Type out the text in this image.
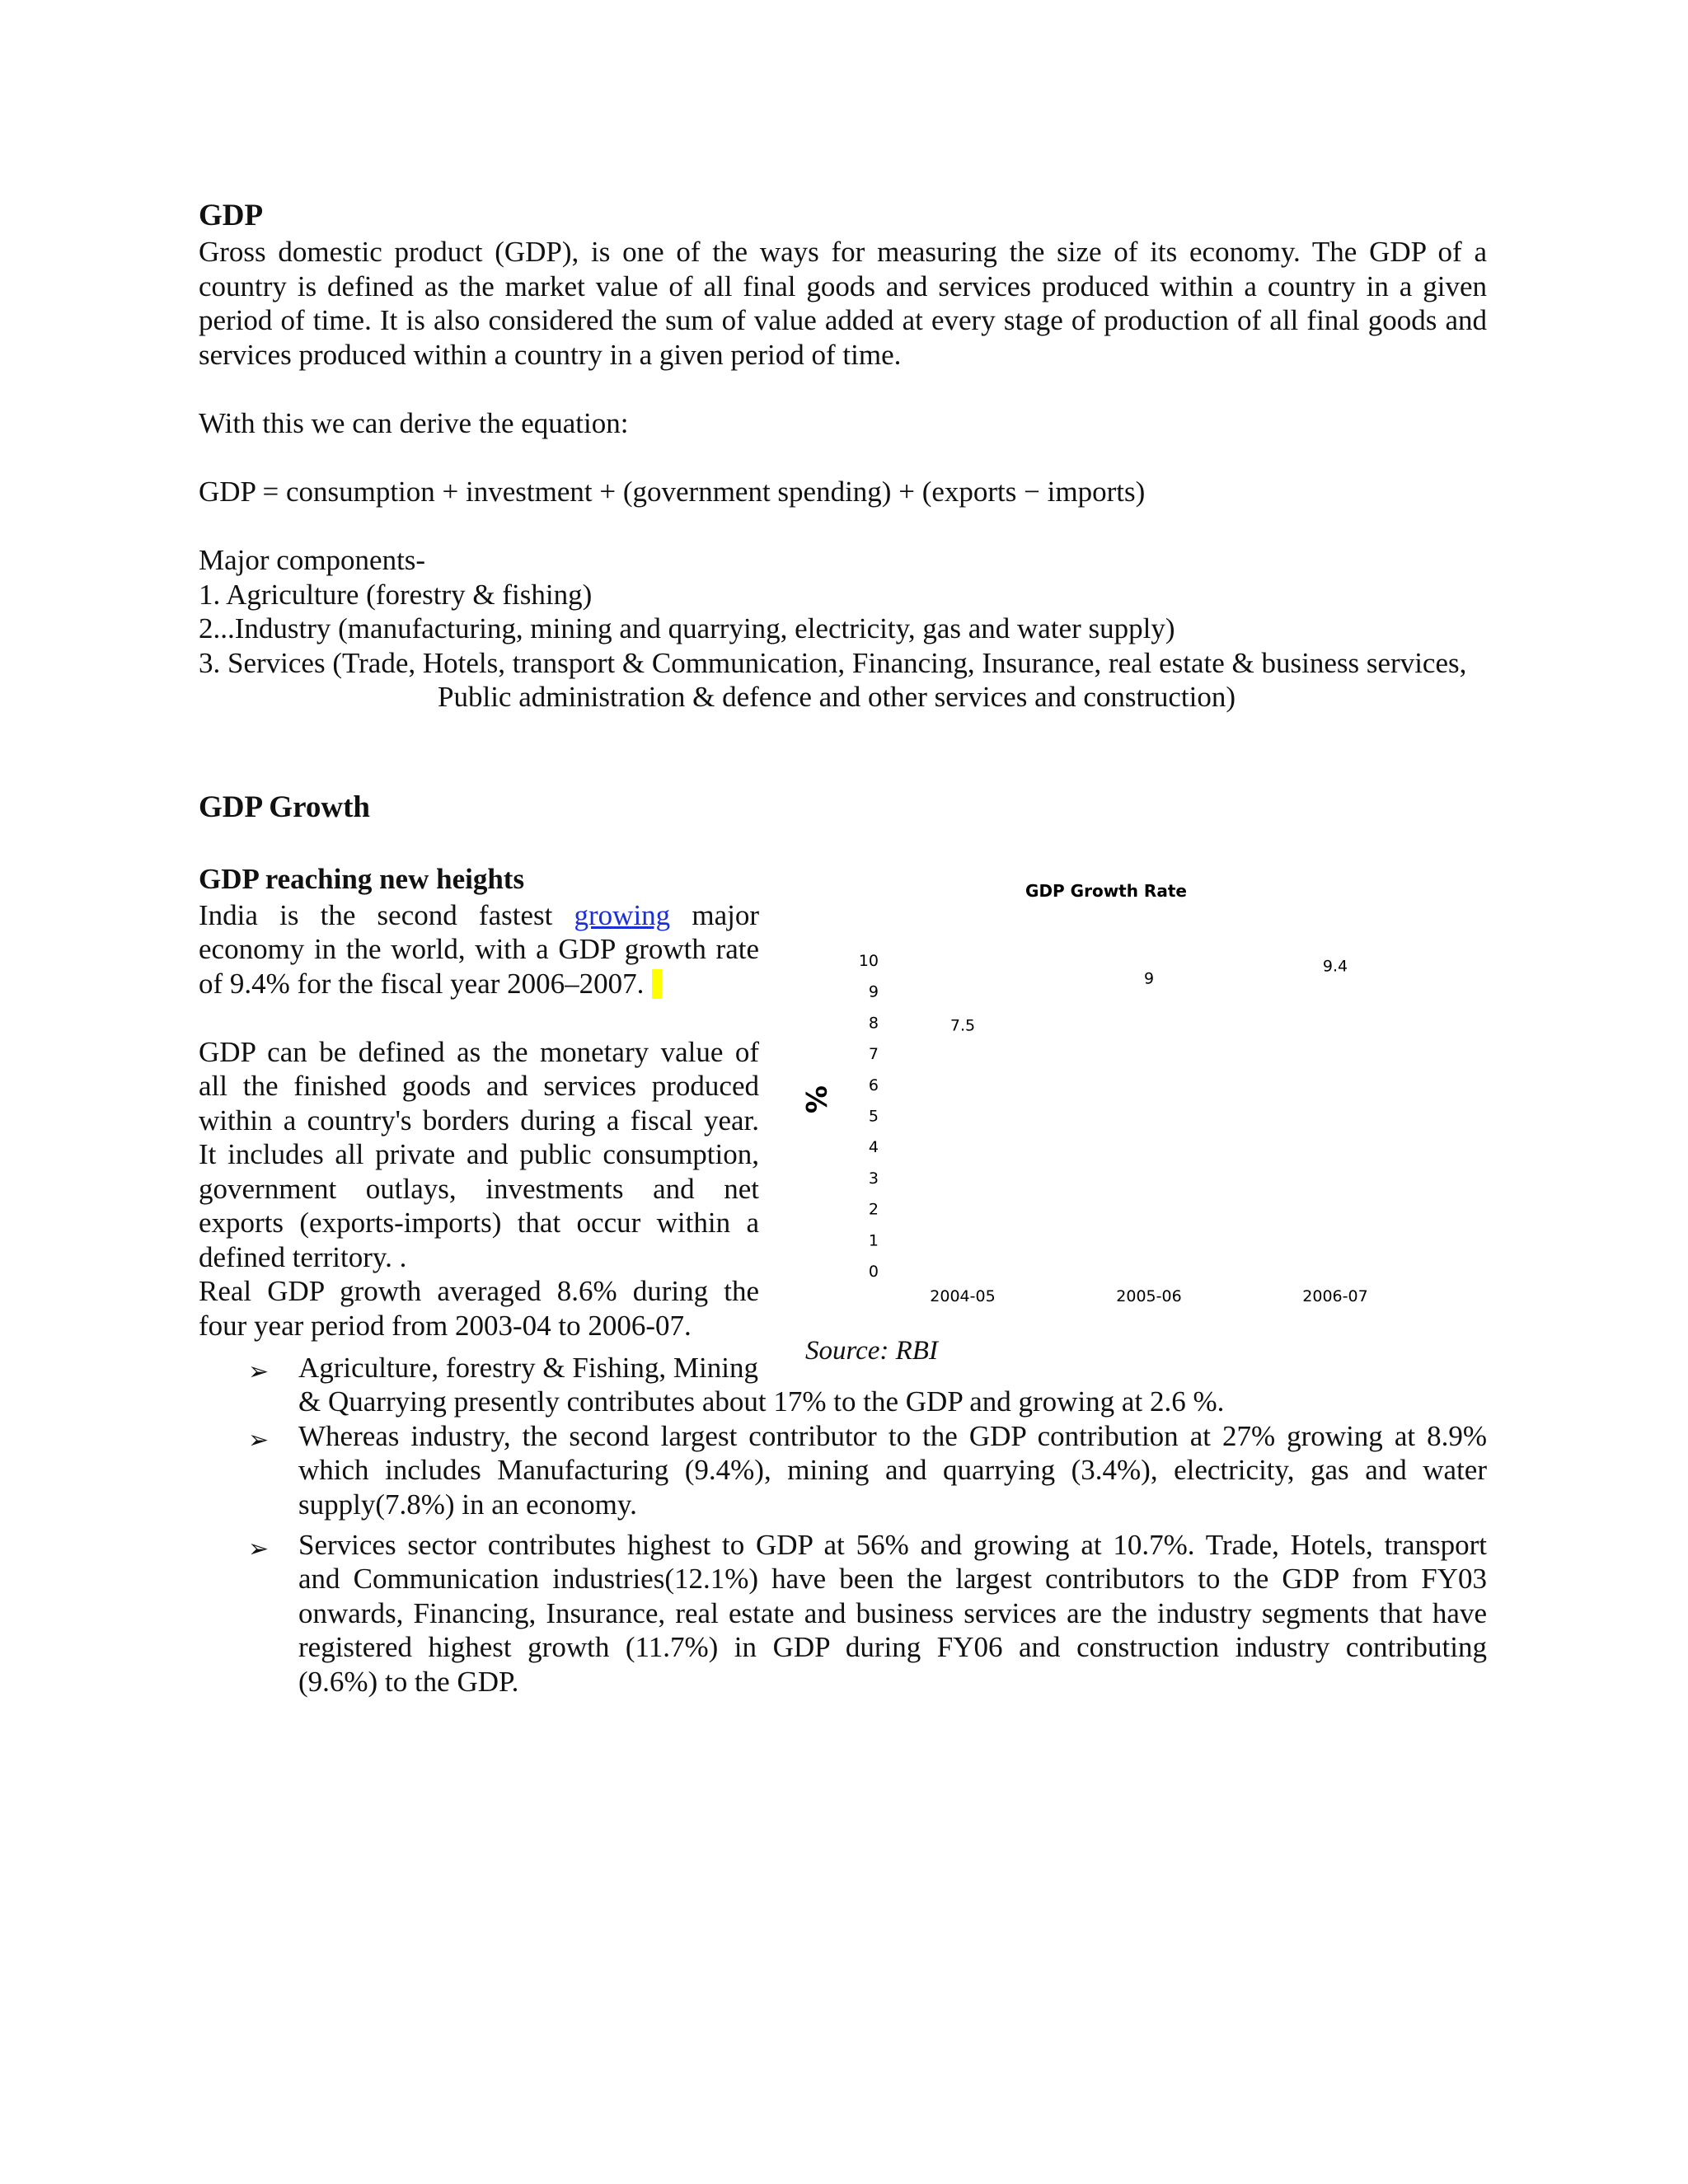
GDP
Gross domestic product (GDP), is one of the ways for measuring the size of its economy. The GDP of a
country is defined as the market value of all final goods and services produced within a country in a given
period of time. It is also considered the sum of value added at every stage of production of all final goods and
services produced within a country in a given period of time.
With this we can derive the equation:
GDP = consumption + investment + (government spending) + (exports − imports)
Major components-
1. Agriculture (forestry & fishing)
2...Industry (manufacturing, mining and quarrying, electricity, gas and water supply)
3. Services (Trade, Hotels, transport & Communication, Financing, Insurance, real estate & business services,
Public administration & defence and other services and construction)
GDP Growth
GDP reaching new heights
India is the second fastest growing major
economy in the world, with a GDP growth rate
of 9.4% for the fiscal year 2006–2007.
GDP can be defined as the monetary value of
all the finished goods and services produced
within a country's borders during a fiscal year.
It includes all private and public consumption,
government outlays, investments and net
exports (exports-imports) that occur within a
defined territory. .
Real GDP growth averaged 8.6% during the
four year period from 2003-04 to 2006-07.
GDP Growth Rate
%
0
1
2
3
4
5
6
7
8
9
10
7.5
9
9.4
2004-05	2005-06	2006-07
Source: RBI
➢ Agriculture, forestry & Fishing, Mining
& Quarrying presently contributes about 17% to the GDP and growing at 2.6 %.
➢ Whereas industry, the second largest contributor to the GDP contribution at 27% growing at 8.9%
which includes Manufacturing (9.4%), mining and quarrying (3.4%), electricity, gas and water
supply(7.8%) in an economy.
➢ Services sector contributes highest to GDP at 56% and growing at 10.7%. Trade, Hotels, transport
and Communication industries(12.1%) have been the largest contributors to the GDP from FY03
onwards, Financing, Insurance, real estate and business services are the industry segments that have
registered highest growth (11.7%) in GDP during FY06 and construction industry contributing
(9.6%) to the GDP.
